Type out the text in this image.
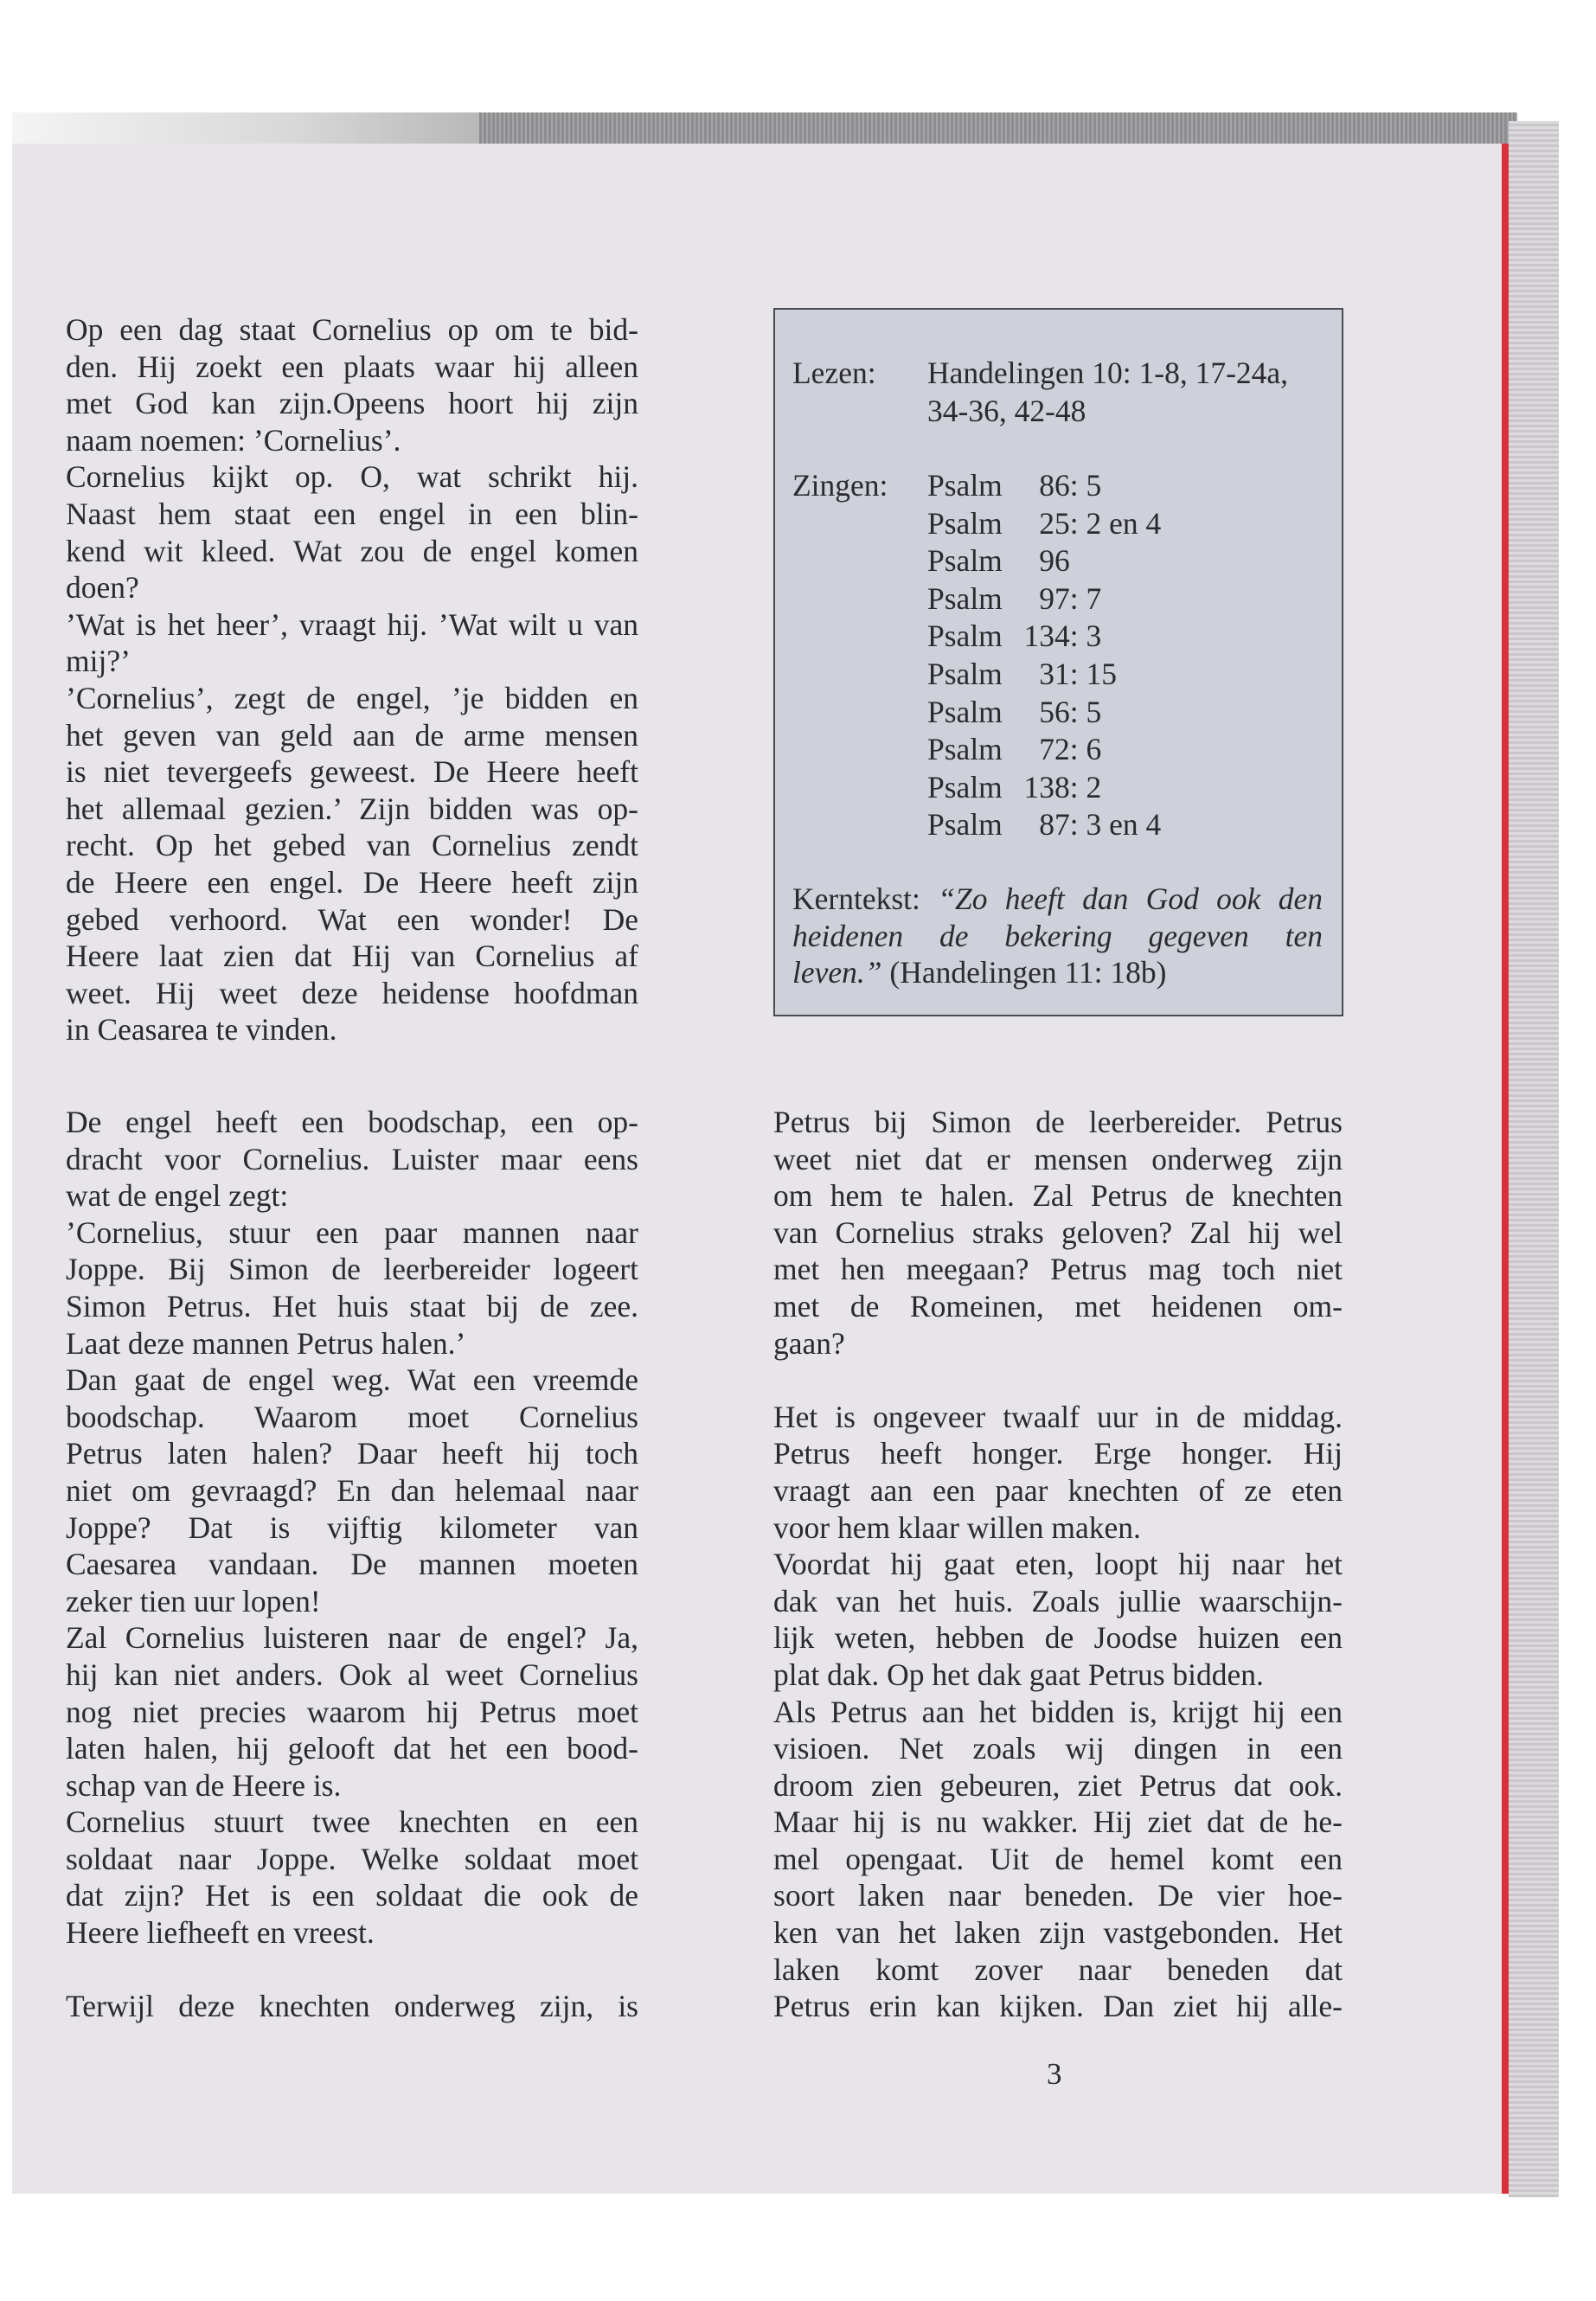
Op een dag staat Cornelius op om te bid-
den. Hij zoekt een plaats waar hij alleen
met God kan zijn.Opeens hoort hij zijn
naam noemen: ’Cornelius’.
Cornelius kijkt op. O, wat schrikt hij.
Naast hem staat een engel in een blin-
kend wit kleed. Wat zou de engel komen
doen?
’Wat is het heer’, vraagt hij. ’Wat wilt u van
mij?’
’Cornelius’, zegt de engel, ’je bidden en
het geven van geld aan de arme mensen
is niet tevergeefs geweest. De Heere heeft
het allemaal gezien.’ Zijn bidden was op-
recht. Op het gebed van Cornelius zendt
de Heere een engel. De Heere heeft zijn
gebed verhoord. Wat een wonder! De
Heere laat zien dat Hij van Cornelius af
weet. Hij weet deze heidense hoofdman
in Ceasarea te vinden.
De engel heeft een boodschap, een op-
dracht voor Cornelius. Luister maar eens
wat de engel zegt:
’Cornelius, stuur een paar mannen naar
Joppe. Bij Simon de leerbereider logeert
Simon Petrus. Het huis staat bij de zee.
Laat deze mannen Petrus halen.’
Dan gaat de engel weg. Wat een vreemde
boodschap. Waarom moet Cornelius
Petrus laten halen? Daar heeft hij toch
niet om gevraagd? En dan helemaal naar
Joppe? Dat is vijftig kilometer van
Caesarea vandaan. De mannen moeten
zeker tien uur lopen!
Zal Cornelius luisteren naar de engel? Ja,
hij kan niet anders. Ook al weet Cornelius
nog niet precies waarom hij Petrus moet
laten halen, hij gelooft dat het een bood-
schap van de Heere is.
Cornelius stuurt twee knechten en een
soldaat naar Joppe. Welke soldaat moet
dat zijn? Het is een soldaat die ook de
Heere liefheeft en vreest.
Terwijl deze knechten onderweg zijn, is
Petrus bij Simon de leerbereider. Petrus
weet niet dat er mensen onderweg zijn
om hem te halen. Zal Petrus de knechten
van Cornelius straks geloven? Zal hij wel
met hen meegaan? Petrus mag toch niet
met de Romeinen, met heidenen om-
gaan?
Het is ongeveer twaalf uur in de middag.
Petrus heeft honger. Erge honger. Hij
vraagt aan een paar knechten of ze eten
voor hem klaar willen maken.
Voordat hij gaat eten, loopt hij naar het
dak van het huis. Zoals jullie waarschijn-
lijk weten, hebben de Joodse huizen een
plat dak. Op het dak gaat Petrus bidden.
Als Petrus aan het bidden is, krijgt hij een
visioen. Net zoals wij dingen in een
droom zien gebeuren, ziet Petrus dat ook.
Maar hij is nu wakker. Hij ziet dat de he-
mel opengaat. Uit de hemel komt een
soort laken naar beneden. De vier hoe-
ken van het laken zijn vastgebonden. Het
laken komt zover naar beneden dat
Petrus erin kan kijken. Dan ziet hij alle-
Lezen: Handelingen 10: 1-8, 17-24a,
34-36, 42-48
Zingen: Psalm 86: 5
Psalm 25: 2 en 4
Psalm 96
Psalm 97: 7
Psalm 134: 3
Psalm 31: 15
Psalm 56: 5
Psalm 72: 6
Psalm 138: 2
Psalm 87: 3 en 4
Kerntekst: “Zo heeft dan God ook den
heidenen de bekering gegeven ten
leven.” (Handelingen 11: 18b)
3
